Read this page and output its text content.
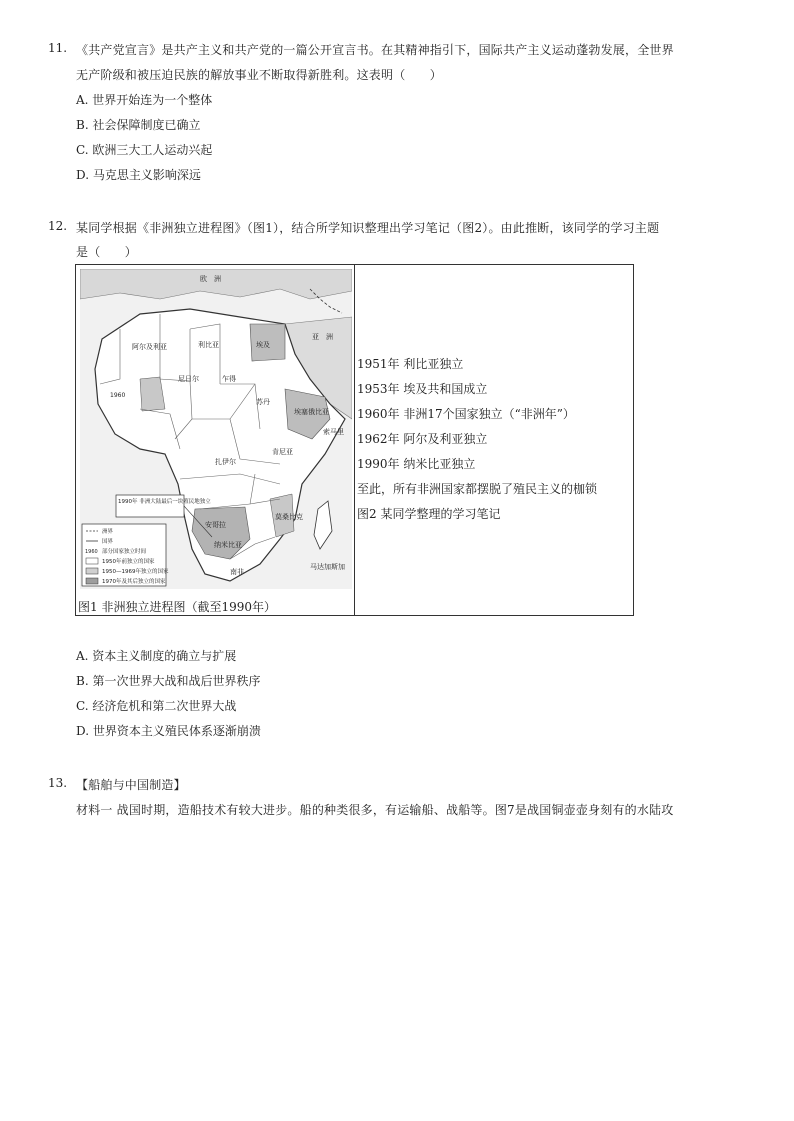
11. 《共产党宣言》是共产主义和共产党的一篇公开宣言书。在其精神指引下，国际共产主义运动蓬勃发展，全世界
无产阶级和被压迫民族的解放事业不断取得新胜利。这表明（　　）
A. 世界开始连为一个整体
B. 社会保障制度已确立
C. 欧洲三大工人运动兴起
D. 马克思主义影响深远
12. 某同学根据《非洲独立进程图》（图1），结合所学知识整理出学习笔记（图2）。由此推断，该同学的学习主题
是（　　）
欧　洲
亚　洲
利比亚	埃及
阿尔及利亚
苏丹
乍得
尼日尔
埃塞俄比亚
索马里
肯尼亚
扎伊尔
安哥拉
纳米比亚
南非
莫桑比克
马达加斯加
1960
1990年 非洲大陆最后一块殖民地独立
洲界
国界
1960 部分国家独立时间
1950年前独立的国家
1950—1969年独立的国家
1970年及其后独立的国家
图1 非洲独立进程图（截至1990年）
1951年 利比亚独立
1953年 埃及共和国成立
1960年 非洲17个国家独立（“非洲年”）
1962年 阿尔及利亚独立
1990年 纳米比亚独立
至此，所有非洲国家都摆脱了殖民主义的枷锁
图2 某同学整理的学习笔记
A. 资本主义制度的确立与扩展
B. 第一次世界大战和战后世界秩序
C. 经济危机和第二次世界大战
D. 世界资本主义殖民体系逐渐崩溃
13. 【船舶与中国制造】
材料一 战国时期，造船技术有较大进步。船的种类很多，有运输船、战船等。图7是战国铜壶壶身刻有的水陆攻
